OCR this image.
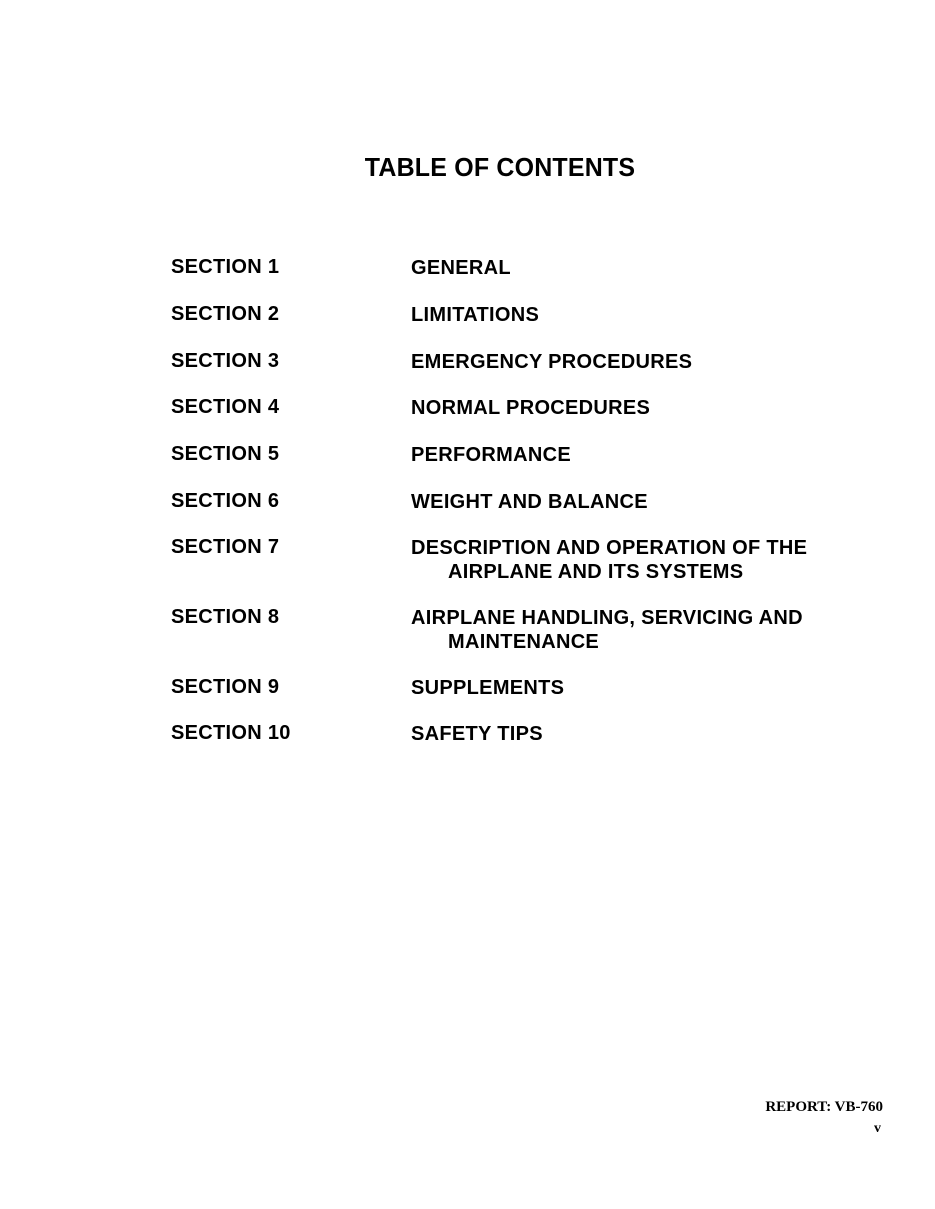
TABLE OF CONTENTS
SECTION 1	GENERAL
SECTION 2	LIMITATIONS
SECTION 3	EMERGENCY PROCEDURES
SECTION 4	NORMAL PROCEDURES
SECTION 5	PERFORMANCE
SECTION 6	WEIGHT AND BALANCE
SECTION 7	DESCRIPTION AND OPERATION OF THE
AIRPLANE AND ITS SYSTEMS
SECTION 8	AIRPLANE HANDLING, SERVICING AND
MAINTENANCE
SECTION 9	SUPPLEMENTS
SECTION 10	SAFETY TIPS
REPORT: VB-760
v
